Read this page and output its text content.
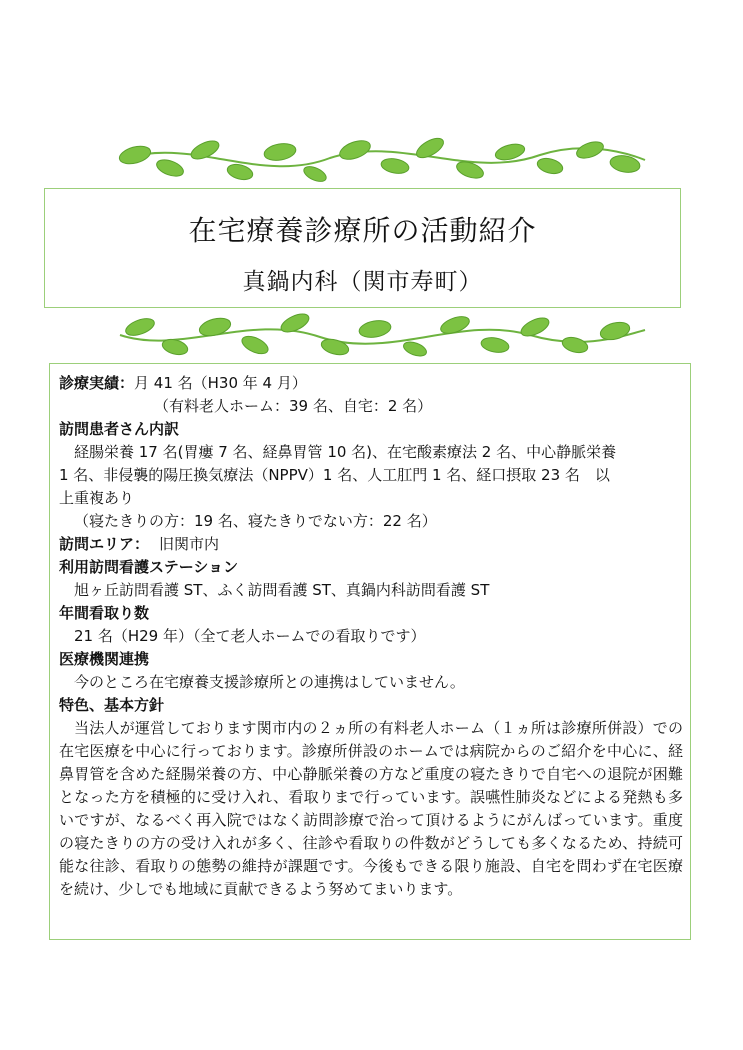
在宅療養診療所の活動紹介
真鍋内科（関市寿町）
診療実績：月 41 名（H30 年 4 月）
（有料老人ホーム：39 名、自宅：2 名）
訪問患者さん内訳
経腸栄養 17 名(胃瘻 7 名、経鼻胃管 10 名)、在宅酸素療法 2 名、中心静脈栄養
1 名、非侵襲的陽圧換気療法（NPPV）1 名、人工肛門 1 名、経口摂取 23 名　以
上重複あり
（寝たきりの方：19 名、寝たきりでない方：22 名）
訪問エリア： 旧関市内
利用訪問看護ステーション
旭ヶ丘訪問看護 ST、ふく訪問看護 ST、真鍋内科訪問看護 ST
年間看取り数
21 名（H29 年）（全て老人ホームでの看取りです）
医療機関連携
今のところ在宅療養支援診療所との連携はしていません。
特色、基本方針
当法人が運営しております関市内の２ヵ所の有料老人ホーム（１ヵ所は診療所併設）での在宅医療を中心に行っております。診療所併設のホームでは病院からのご紹介を中心に、経鼻胃管を含めた経腸栄養の方、中心静脈栄養の方など重度の寝たきりで自宅への退院が困難となった方を積極的に受け入れ、看取りまで行っています。誤嚥性肺炎などによる発熱も多いですが、なるべく再入院ではなく訪問診療で治って頂けるようにがんばっています。重度の寝たきりの方の受け入れが多く、往診や看取りの件数がどうしても多くなるため、持続可能な往診、看取りの態勢の維持が課題です。今後もできる限り施設、自宅を問わず在宅医療を続け、少しでも地域に貢献できるよう努めてまいります。
